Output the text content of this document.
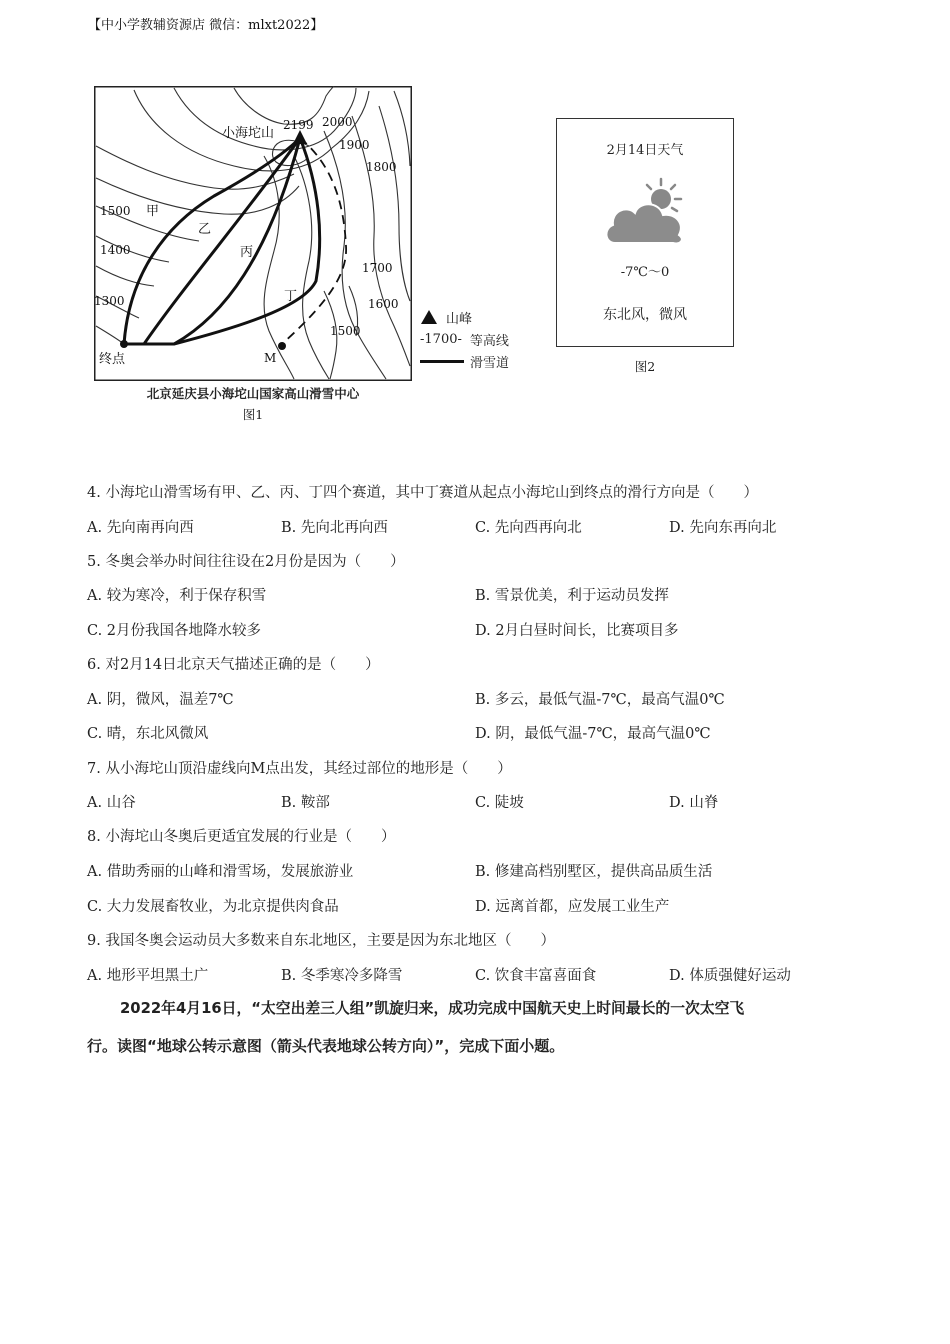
【中小学教辅资源店 微信：mlxt2022】
小海坨山
2199 2000
1900
1800
1700
1600
1500
1500
1400
1300
甲
乙
丙
丁
M
终点
山峰
-1700- 等高线
滑雪道
北京延庆县小海坨山国家高山滑雪中心
图1
2月14日天气
-7℃～0
东北风，微风
图2
4. 小海坨山滑雪场有甲、乙、丙、丁四个赛道，其中丁赛道从起点小海坨山到终点的滑行方向是（　　）
A. 先向南再向西	B. 先向北再向西	C. 先向西再向北	D. 先向东再向北
5. 冬奥会举办时间往往设在2月份是因为（　　）
A. 较为寒冷，利于保存积雪	B. 雪景优美，利于运动员发挥
C. 2月份我国各地降水较多	D. 2月白昼时间长，比赛项目多
6. 对2月14日北京天气描述正确的是（　　）
A. 阴，微风，温差7℃	B. 多云，最低气温-7℃，最高气温0℃
C. 晴，东北风微风	D. 阴，最低气温-7℃，最高气温0℃
7. 从小海坨山顶沿虚线向M点出发，其经过部位的地形是（　　）
A. 山谷	B. 鞍部	C. 陡坡	D. 山脊
8. 小海坨山冬奥后更适宜发展的行业是（　　）
A. 借助秀丽的山峰和滑雪场，发展旅游业	B. 修建高档别墅区，提供高品质生活
C. 大力发展畜牧业，为北京提供肉食品	D. 远离首都，应发展工业生产
9. 我国冬奥会运动员大多数来自东北地区，主要是因为东北地区（　　）
A. 地形平坦黑土广	B. 冬季寒冷多降雪	C. 饮食丰富喜面食	D. 体质强健好运动
2022年4月16日，“太空出差三人组”凯旋归来，成功完成中国航天史上时间最长的一次太空飞
行。读图“地球公转示意图（箭头代表地球公转方向）”，完成下面小题。
